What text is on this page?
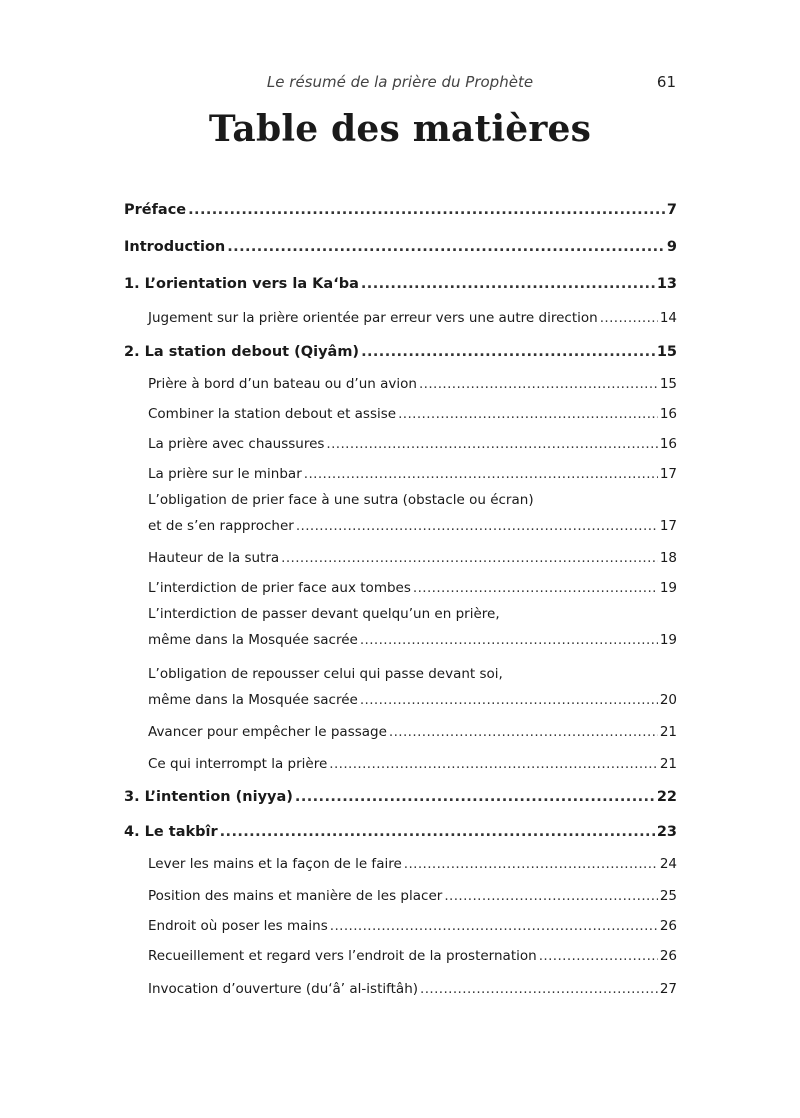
Le résumé de la prière du Prophète	61
Table des matières
Préface .....	7
Introduction .....	9
1. L’orientation vers la Ka‘ba .....	13
Jugement sur la prière orientée par erreur vers une autre direction .....	14
2. La station debout (Qiyâm) .....	15
Prière à bord d’un bateau ou d’un avion .....	15
Combiner la station debout et assise .....	16
La prière avec chaussures .....	16
La prière sur le minbar .....	17
L’obligation de prier face à une sutra (obstacle ou écran)
et de s’en rapprocher .....	17
Hauteur de la sutra .....	18
L’interdiction de prier face aux tombes .....	19
L’interdiction de passer devant quelqu’un en prière,
même dans la Mosquée sacrée .....	19
L’obligation de repousser celui qui passe devant soi,
même dans la Mosquée sacrée .....	20
Avancer pour empêcher le passage .....	21
Ce qui interrompt la prière .....	21
3. L’intention (niyya) .....	22
4. Le takbîr .....	23
Lever les mains et la façon de le faire .....	24
Position des mains et manière de les placer .....	25
Endroit où poser les mains .....	26
Recueillement et regard vers l’endroit de la prosternation .....	26
Invocation d’ouverture (du‘â’ al-istiftâh) .....	27
